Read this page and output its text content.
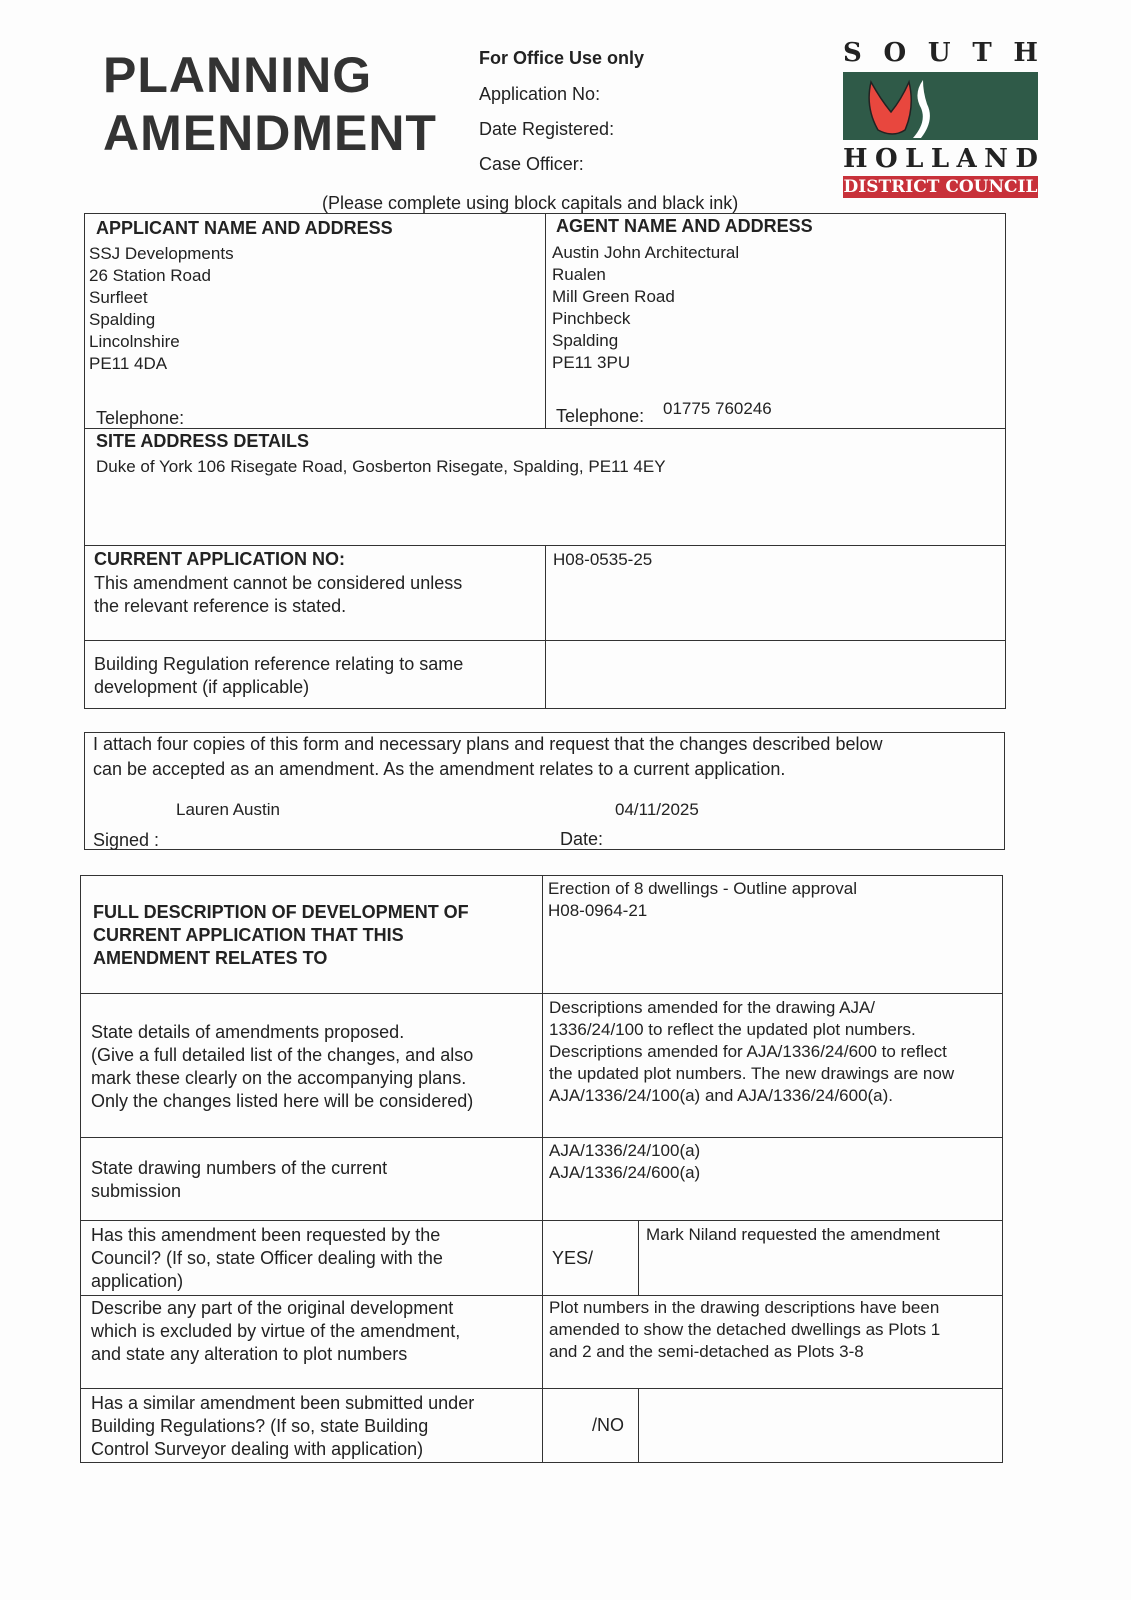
PLANNING
AMENDMENT
For Office Use only
Application No:
Date Registered:
Case Officer:
S O U T H
H O L L A N D
DISTRICT COUNCIL
(Please complete using block capitals and black ink)
APPLICANT NAME AND ADDRESS
SSJ Developments
26 Station Road
Surfleet
Spalding
Lincolnshire
PE11 4DA
Telephone:
AGENT NAME AND ADDRESS
Austin John Architectural
Rualen
Mill Green Road
Pinchbeck
Spalding
PE11 3PU
Telephone: 01775 760246
SITE ADDRESS DETAILS
Duke of York 106 Risegate Road, Gosberton Risegate, Spalding, PE11 4EY
CURRENT APPLICATION NO:
This amendment cannot be considered unless
the relevant reference is stated.
H08-0535-25
Building Regulation reference relating to same
development (if applicable)
I attach four copies of this form and necessary plans and request that the changes described below
can be accepted as an amendment. As the amendment relates to a current application.
Lauren Austin
Signed :
04/11/2025
Date:
FULL DESCRIPTION OF DEVELOPMENT OF
CURRENT APPLICATION THAT THIS
AMENDMENT RELATES TO
Erection of 8 dwellings - Outline approval
H08-0964-21
State details of amendments proposed.
(Give a full detailed list of the changes, and also
mark these clearly on the accompanying plans.
Only the changes listed here will be considered)
Descriptions amended for the drawing AJA/
1336/24/100 to reflect the updated plot numbers.
Descriptions amended for AJA/1336/24/600 to reflect
the updated plot numbers. The new drawings are now
AJA/1336/24/100(a) and AJA/1336/24/600(a).
State drawing numbers of the current
submission
AJA/1336/24/100(a)
AJA/1336/24/600(a)
Has this amendment been requested by the
Council? (If so, state Officer dealing with the
application)
YES/
Mark Niland requested the amendment
Describe any part of the original development
which is excluded by virtue of the amendment,
and state any alteration to plot numbers
Plot numbers in the drawing descriptions have been
amended to show the detached dwellings as Plots 1
and 2 and the semi-detached as Plots 3-8
Has a similar amendment been submitted under
Building Regulations? (If so, state Building
Control Surveyor dealing with application)
/NO
